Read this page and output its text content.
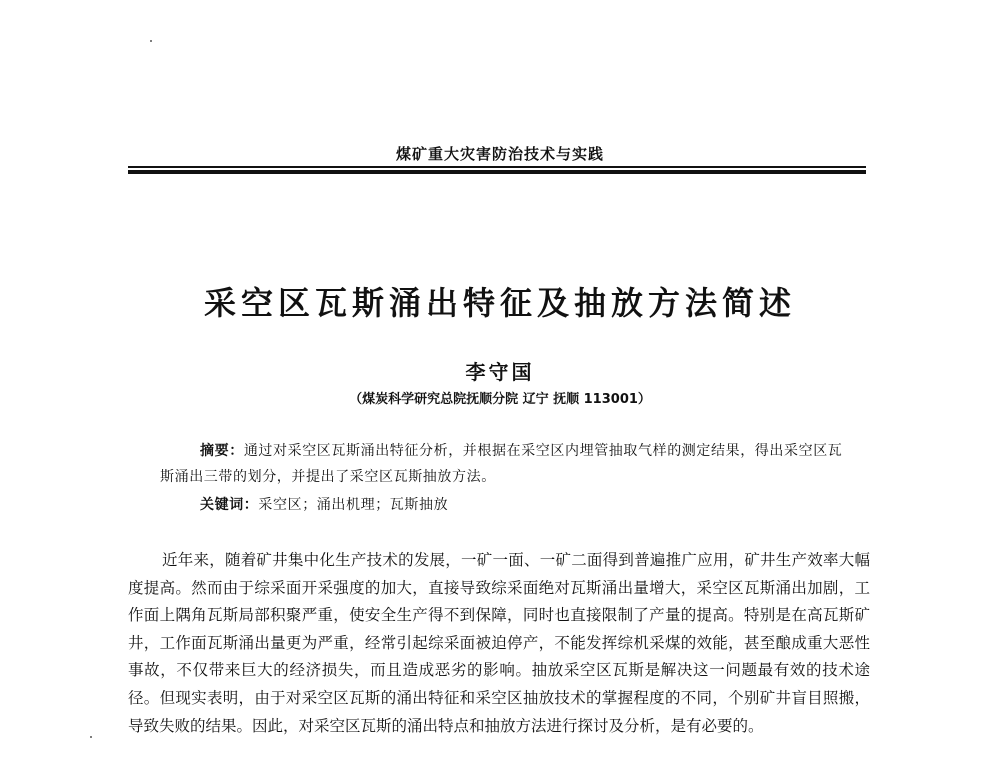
煤矿重大灾害防治技术与实践
采空区瓦斯涌出特征及抽放方法简述
李守国
（煤炭科学研究总院抚顺分院 辽宁 抚顺 113001）

摘要：通过对采空区瓦斯涌出特征分析，并根据在采空区内埋管抽取气样的测定结果，得出采空区瓦斯涌出三带的划分，并提出了采空区瓦斯抽放方法。

关键词：采空区；涌出机理；瓦斯抽放

近年来，随着矿井集中化生产技术的发展，一矿一面、一矿二面得到普遍推广应用，矿井生产效率大幅度提高。然而由于综采面开采强度的加大，直接导致综采面绝对瓦斯涌出量增大，采空区瓦斯涌出加剧，工作面上隅角瓦斯局部积聚严重，使安全生产得不到保障，同时也直接限制了产量的提高。特别是在高瓦斯矿井，工作面瓦斯涌出量更为严重，经常引起综采面被迫停产，不能发挥综机采煤的效能，甚至酿成重大恶性事故，不仅带来巨大的经济损失，而且造成恶劣的影响。抽放采空区瓦斯是解决这一问题最有效的技术途径。但现实表明，由于对采空区瓦斯的涌出特征和采空区抽放技术的掌握程度的不同，个别矿井盲目照搬，导致失败的结果。因此，对采空区瓦斯的涌出特点和抽放方法进行探讨及分析，是有必要的。
